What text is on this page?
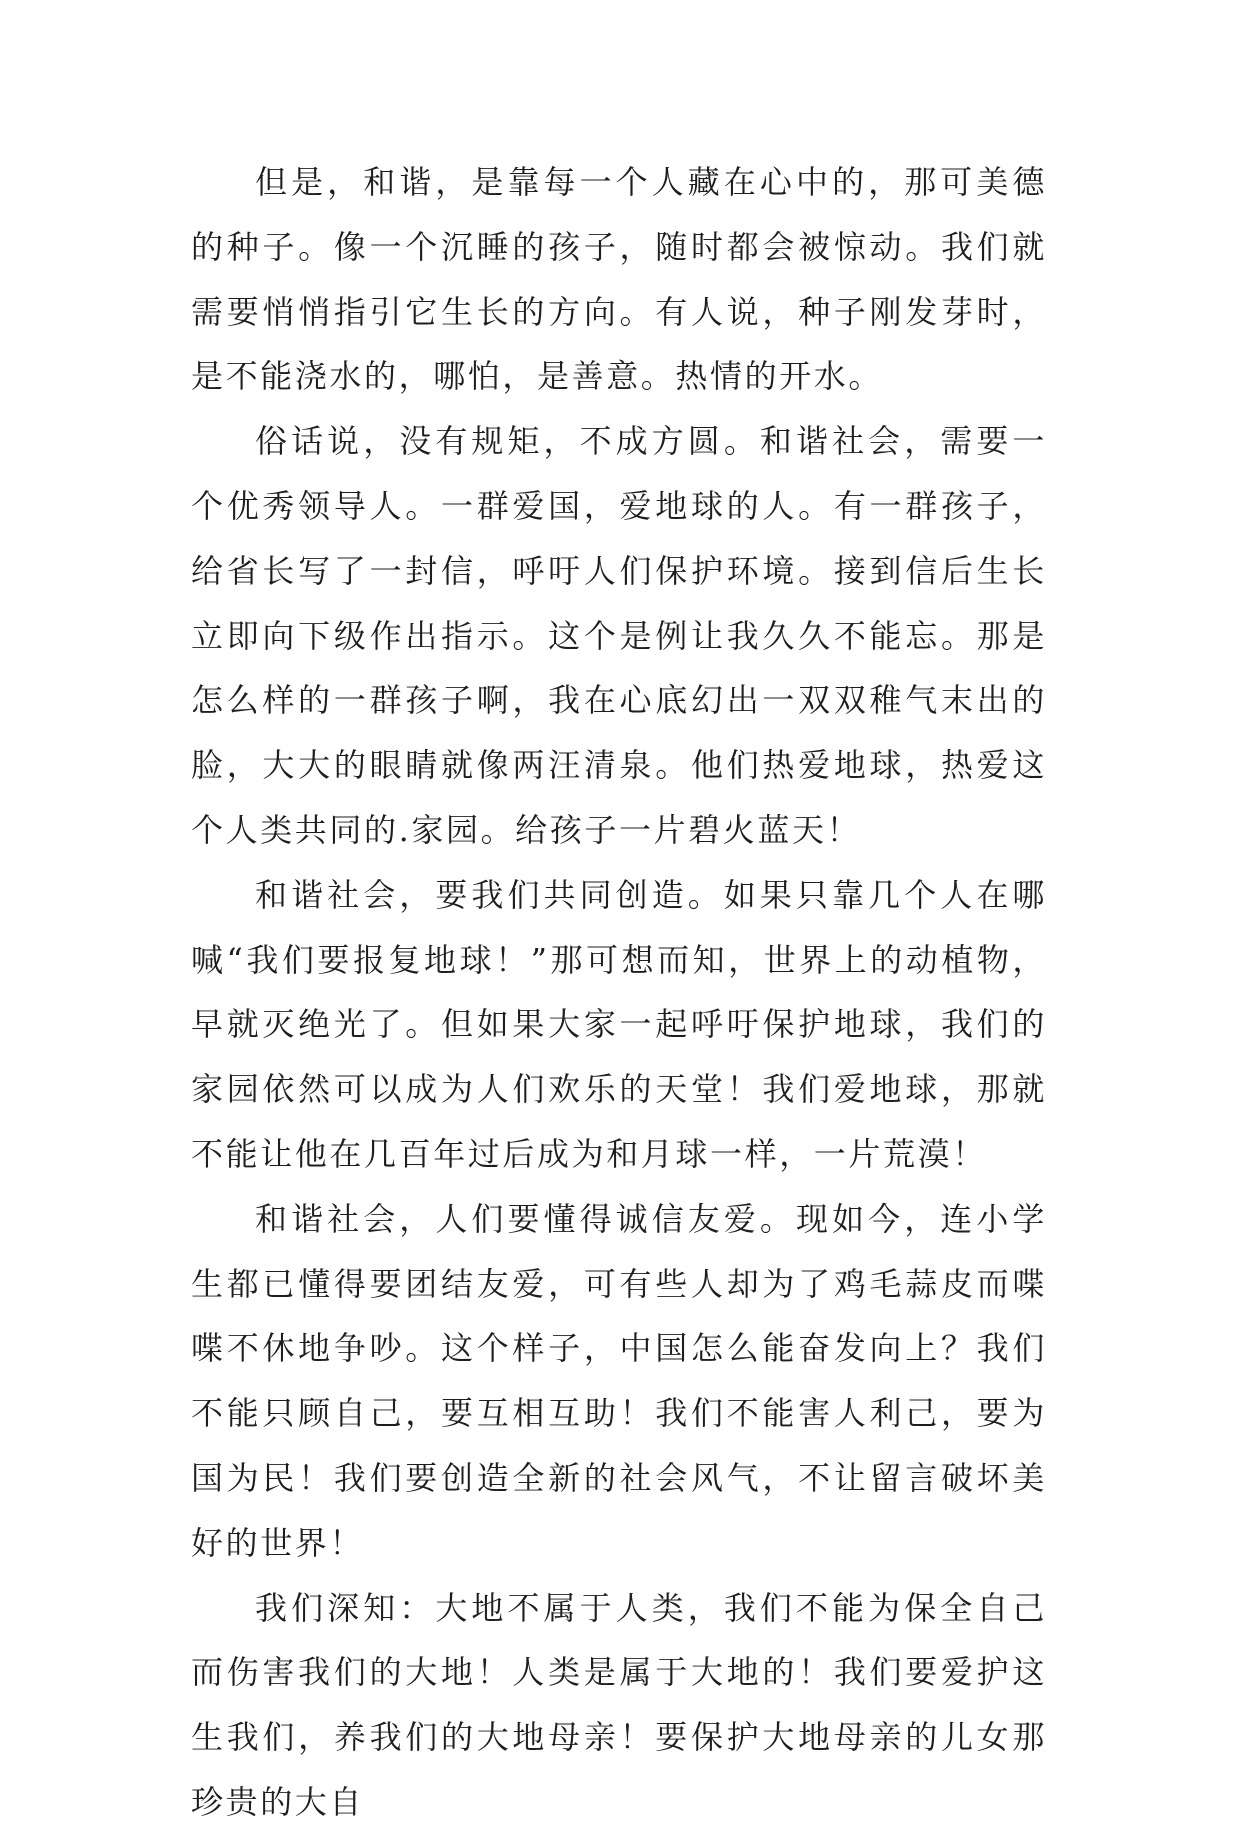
但是，和谐，是靠每一个人藏在心中的，那可美德的种子。像一个沉睡的孩子，随时都会被惊动。我们就需要悄悄指引它生长的方向。有人说，种子刚发芽时，是不能浇水的，哪怕，是善意。热情的开水。

俗话说，没有规矩，不成方圆。和谐社会，需要一个优秀领导人。一群爱国，爱地球的人。有一群孩子，给省长写了一封信，呼吁人们保护环境。接到信后生长立即向下级作出指示。这个是例让我久久不能忘。那是怎么样的一群孩子啊，我在心底幻出一双双稚气末出的脸，大大的眼睛就像两汪清泉。他们热爱地球，热爱这个人类共同的.家园。给孩子一片碧火蓝天！

和谐社会，要我们共同创造。如果只靠几个人在哪喊“我们要报复地球！”那可想而知，世界上的动植物，早就灭绝光了。但如果大家一起呼吁保护地球，我们的家园依然可以成为人们欢乐的天堂！我们爱地球，那就不能让他在几百年过后成为和月球一样，一片荒漠！

和谐社会，人们要懂得诚信友爱。现如今，连小学生都已懂得要团结友爱，可有些人却为了鸡毛蒜皮而喋喋不休地争吵。这个样子，中国怎么能奋发向上？我们不能只顾自己，要互相互助！我们不能害人利己，要为国为民！我们要创造全新的社会风气，不让留言破坏美好的世界！

我们深知：大地不属于人类，我们不能为保全自己而伤害我们的大地！人类是属于大地的！我们要爱护这生我们，养我们的大地母亲！要保护大地母亲的儿女那珍贵的大自
